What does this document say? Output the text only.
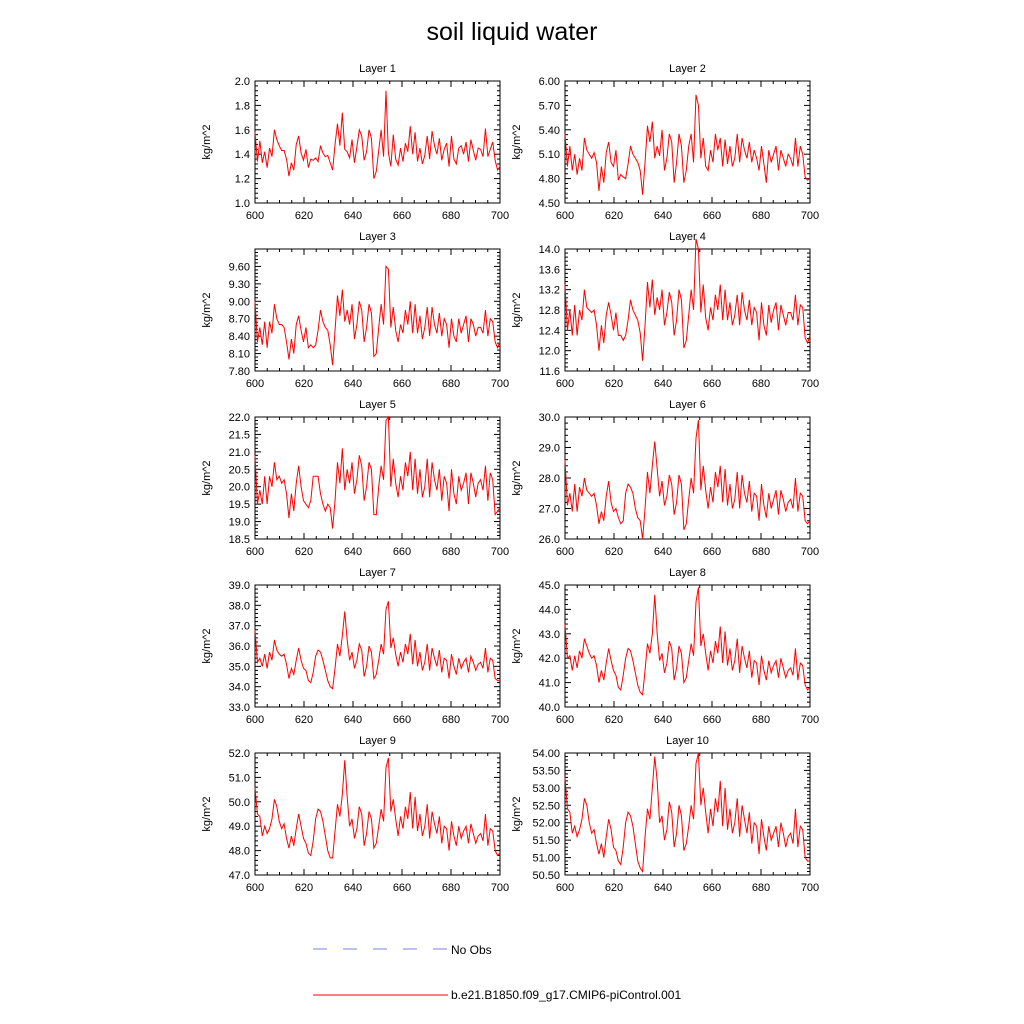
soil liquid water
Layer 1
600	620	640	660	680	700
1.0
1.2
1.4
1.6
1.8
2.0
kg/m^2
Layer 2
600	620	640	660	680	700
4.50
4.80
5.10
5.40
5.70
6.00
kg/m^2
Layer 3
600	620	640	660	680	700
7.80
8.10
8.40
8.70
9.00
9.30
9.60
kg/m^2
Layer 4
600	620	640	660	680	700
11.6
12.0
12.4
12.8
13.2
13.6
14.0
kg/m^2
Layer 5
600	620	640	660	680	700
18.5
19.0
19.5
20.0
20.5
21.0
21.5
22.0
kg/m^2
Layer 6
600	620	640	660	680	700
26.0
27.0
28.0
29.0
30.0
kg/m^2
Layer 7
600	620	640	660	680	700
33.0
34.0
35.0
36.0
37.0
38.0
39.0
kg/m^2
Layer 8
600	620	640	660	680	700
40.0
41.0
42.0
43.0
44.0
45.0
kg/m^2
Layer 9
600	620	640	660	680	700
47.0
48.0
49.0
50.0
51.0
52.0
kg/m^2
Layer 10
600	620	640	660	680	700
50.50
51.00
51.50
52.00
52.50
53.00
53.50
54.00
kg/m^2
No Obs
b.e21.B1850.f09_g17.CMIP6-piControl.001
